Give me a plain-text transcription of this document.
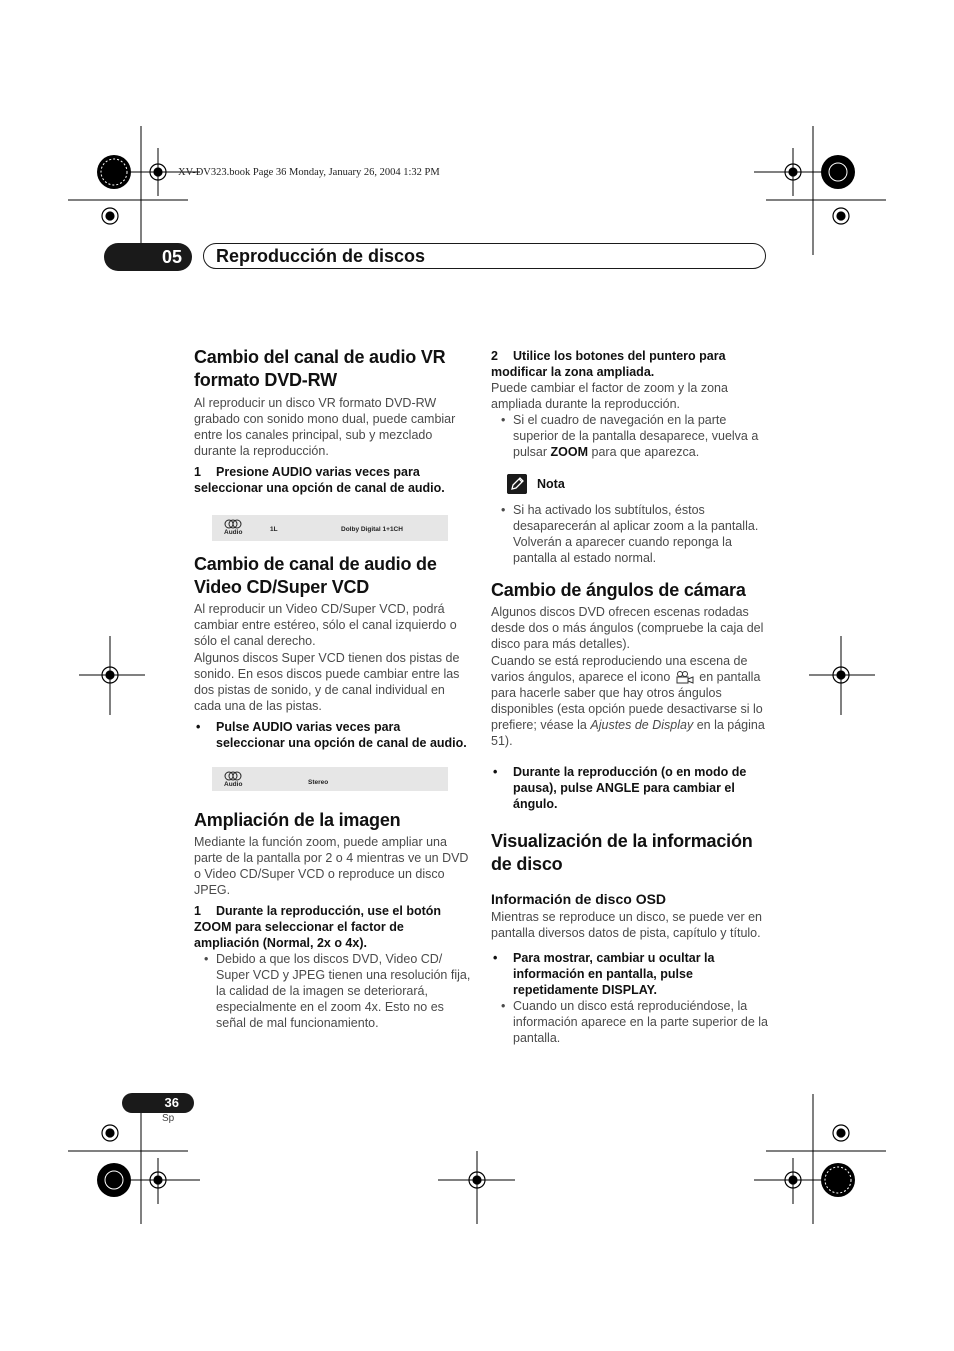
XV-DV323.book Page 36 Monday, January 26, 2004 1:32 PM
05	Reproducción de discos
Cambio del canal de audio VR formato DVD-RW

Al reproducir un disco VR formato DVD-RW grabado con sonido mono dual, puede cambiar entre los canales principal, sub y mezclado durante la reproducción.

1 Presione AUDIO varias veces para seleccionar una opción de canal de audio.

Audio	1L	Dolby Digital 1+1CH
Cambio de canal de audio de Video CD/Super VCD

Al reproducir un Video CD/Super VCD, podrá cambiar entre estéreo, sólo el canal izquierdo o sólo el canal derecho.

Algunos discos Super VCD tienen dos pistas de sonido. En esos discos puede cambiar entre las dos pistas de sonido, y de canal individual en cada una de las pistas.

• Pulse AUDIO varias veces para seleccionar una opción de canal de audio.

Audio	Stereo
Ampliación de la imagen

Mediante la función zoom, puede ampliar una parte de la pantalla por 2 o 4 mientras ve un DVD o Video CD/Super VCD o reproduce un disco JPEG.

1 Durante la reproducción, use el botón ZOOM para seleccionar el factor de ampliación (Normal, 2x o 4x).

• Debido a que los discos DVD, Video CD/ Super VCD y JPEG tienen una resolución fija, la calidad de la imagen se deteriorará, especialmente en el zoom 4x. Esto no es señal de mal funcionamiento.

2 Utilice los botones del puntero para modificar la zona ampliada.

Puede cambiar el factor de zoom y la zona ampliada durante la reproducción.

• Si el cuadro de navegación en la parte superior de la pantalla desaparece, vuelva a pulsar ZOOM para que aparezca.

Nota

• Si ha activado los subtítulos, éstos desaparecerán al aplicar zoom a la pantalla. Volverán a aparecer cuando reponga la pantalla al estado normal.

Cambio de ángulos de cámara

Algunos discos DVD ofrecen escenas rodadas desde dos o más ángulos (compruebe la caja del disco para más detalles).

Cuando se está reproduciendo una escena de varios ángulos, aparece el icono en pantalla para hacerle saber que hay otros ángulos disponibles (esta opción puede desactivarse si lo prefiere; véase la Ajustes de Display en la página 51).

• Durante la reproducción (o en modo de pausa), pulse ANGLE para cambiar el ángulo.

Visualización de la información de disco
Información de disco OSD

Mientras se reproduce un disco, se puede ver en pantalla diversos datos de pista, capítulo y título.

• Para mostrar, cambiar u ocultar la información en pantalla, pulse repetidamente DISPLAY.

• Cuando un disco está reproduciéndose, la información aparece en la parte superior de la pantalla.

36
Sp
